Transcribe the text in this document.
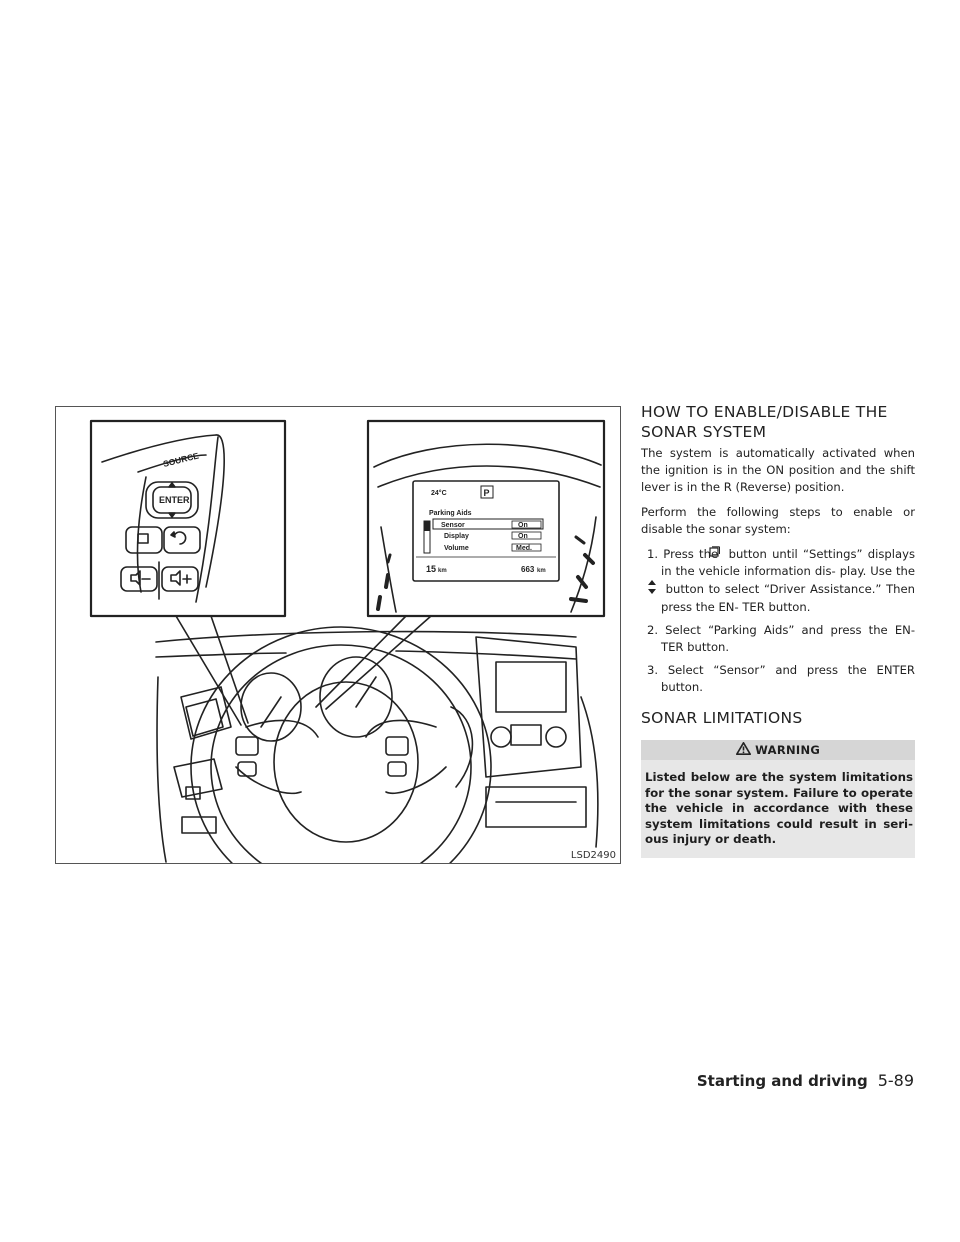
SOURCE
ENTER
24°C	P
Parking Aids
Sensor	On
Display	On
Volume	Med.
15 km	663 km
LSD2490
HOW TO ENABLE/DISABLE THE
SONAR SYSTEM

The system is automatically activated when the ignition is in the ON position and the shift lever is in the R (Reverse) position.

Perform the following steps to enable or disable the sonar system:

1. Press the button until “Settings” displays in the vehicle information dis- play. Use the  button to select “Driver Assistance.” Then press the EN- TER button.
2. Select “Parking Aids” and press the EN- TER button.
3. Select “Sensor” and press the ENTER button.
SONAR LIMITATIONS
WARNING
Listed below are the system limitations for the sonar system. Failure to operate the vehicle in accordance with these system limitations could result in seri- ous injury or death.
Starting and driving 5-89
